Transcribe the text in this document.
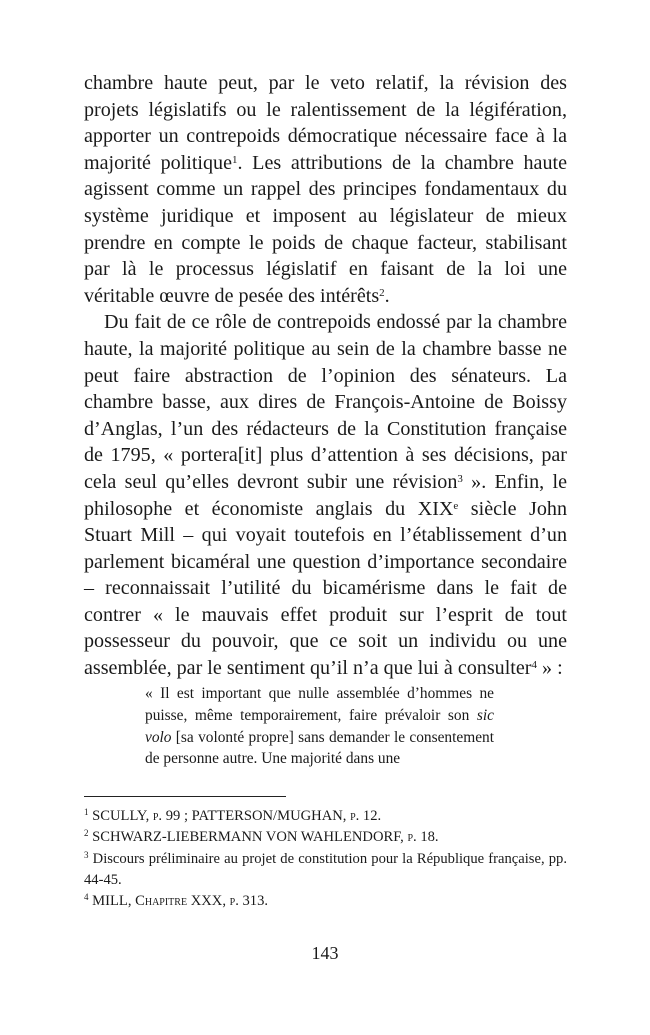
chambre haute peut, par le veto relatif, la révision des projets législatifs ou le ralentissement de la légifération, apporter un contrepoids démocratique nécessaire face à la majorité politique$^1$. Les attributions de la chambre haute agissent comme un rappel des principes fondamentaux du système juridique et imposent au législateur de mieux prendre en compte le poids de chaque facteur, stabilisant par là le processus législatif en faisant de la loi une véritable œuvre de pesée des intérêts$^2$.

Du fait de ce rôle de contrepoids endossé par la chambre haute, la majorité politique au sein de la chambre basse ne peut faire abstraction de l’opinion des sénateurs. La chambre basse, aux dires de François-Antoine de Boissy d’Anglas, l’un des rédacteurs de la Constitution française de 1795, « portera[it] plus d’attention à ses décisions, par cela seul qu’elles devront subir une révision$^3$ ». Enfin, le philosophe et économiste anglais du XIXe siècle John Stuart Mill – qui voyait toutefois en l’établissement d’un parlement bicaméral une question d’importance secondaire – reconnaissait l’utilité du bicamérisme dans le fait de contrer « le mauvais effet produit sur l’esprit de tout possesseur du pouvoir, que ce soit un individu ou une assemblée, par le sentiment qu’il n’a que lui à consulter$^4$ » :

« Il est important que nulle assemblée d’hommes ne puisse, même temporairement, faire prévaloir son sic volo [sa volonté propre] sans demander le consentement de personne autre. Une majorité dans une

$^1$ SCULLY, p. 99 ; PATTERSON/MUGHAN, p. 12.

$^2$ SCHWARZ-LIEBERMANN VON WAHLENDORF, p. 18.

$^3$ Discours préliminaire au projet de constitution pour la République française, pp. 44-45.

$^4$ MILL, Chapitre XXX, p. 313.

143
